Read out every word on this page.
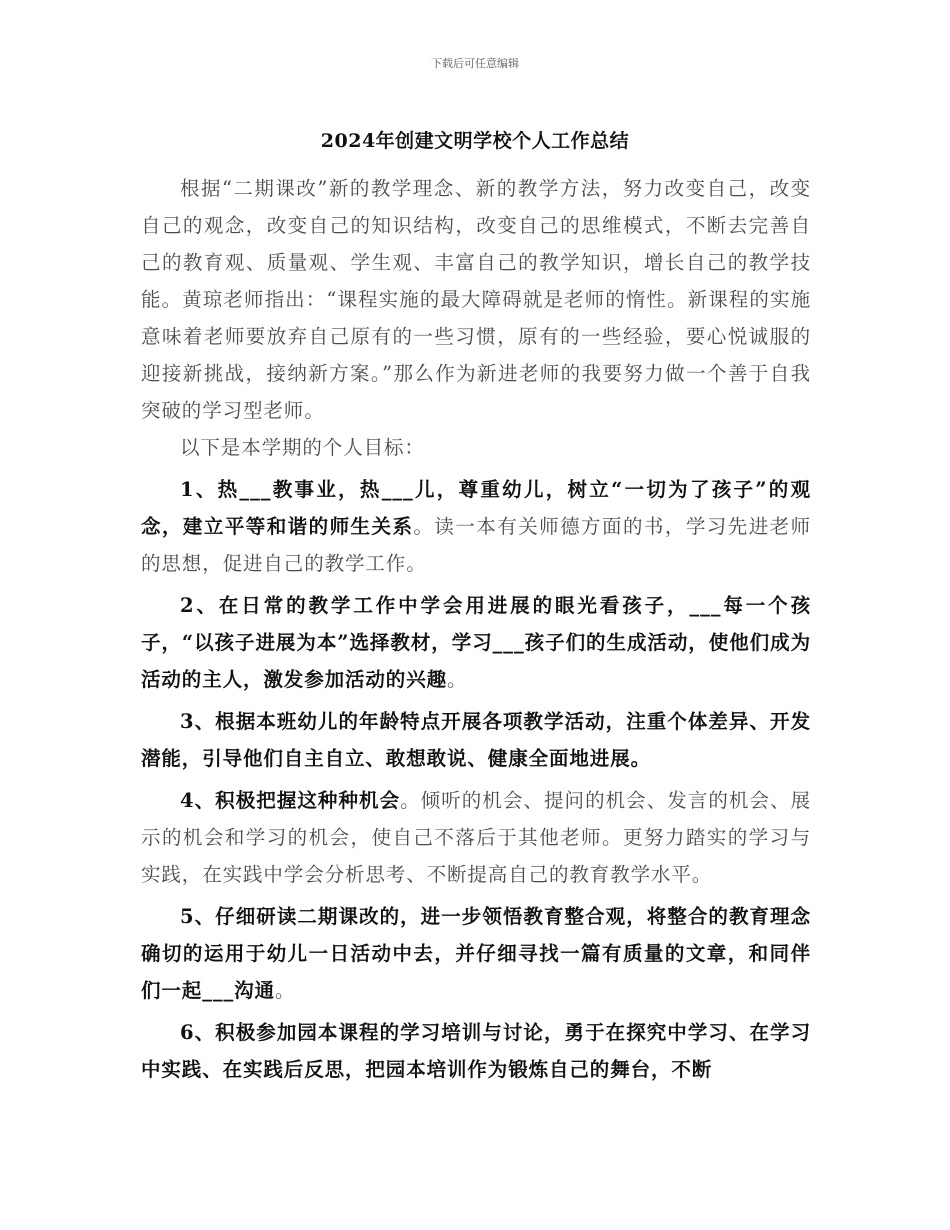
下载后可任意编辑
2024年创建文明学校个人工作总结

根据“二期课改”新的教学理念、新的教学方法，努力改变自己，改变自己的观念，改变自己的知识结构，改变自己的思维模式，不断去完善自己的教育观、质量观、学生观、丰富自己的教学知识，增长自己的教学技能。黄琼老师指出：“课程实施的最大障碍就是老师的惰性。新课程的实施意味着老师要放弃自己原有的一些习惯，原有的一些经验，要心悦诚服的迎接新挑战，接纳新方案。”那么作为新进老师的我要努力做一个善于自我突破的学习型老师。

以下是本学期的个人目标：

1、热___教事业，热___儿，尊重幼儿，树立“一切为了孩子”的观念，建立平等和谐的师生关系。读一本有关师德方面的书，学习先进老师的思想，促进自己的教学工作。

2、在日常的教学工作中学会用进展的眼光看孩子，___每一个孩子，“以孩子进展为本”选择教材，学习___孩子们的生成活动，使他们成为活动的主人，激发参加活动的兴趣。

3、根据本班幼儿的年龄特点开展各项教学活动，注重个体差异、开发潜能，引导他们自主自立、敢想敢说、健康全面地进展。

4、积极把握这种种机会。倾听的机会、提问的机会、发言的机会、展示的机会和学习的机会，使自己不落后于其他老师。更努力踏实的学习与实践，在实践中学会分析思考、不断提高自己的教育教学水平。

5、仔细研读二期课改的，进一步领悟教育整合观，将整合的教育理念确切的运用于幼儿一日活动中去，并仔细寻找一篇有质量的文章，和同伴们一起___沟通。

6、积极参加园本课程的学习培训与讨论，勇于在探究中学习、在学习中实践、在实践后反思，把园本培训作为锻炼自己的舞台，不断
